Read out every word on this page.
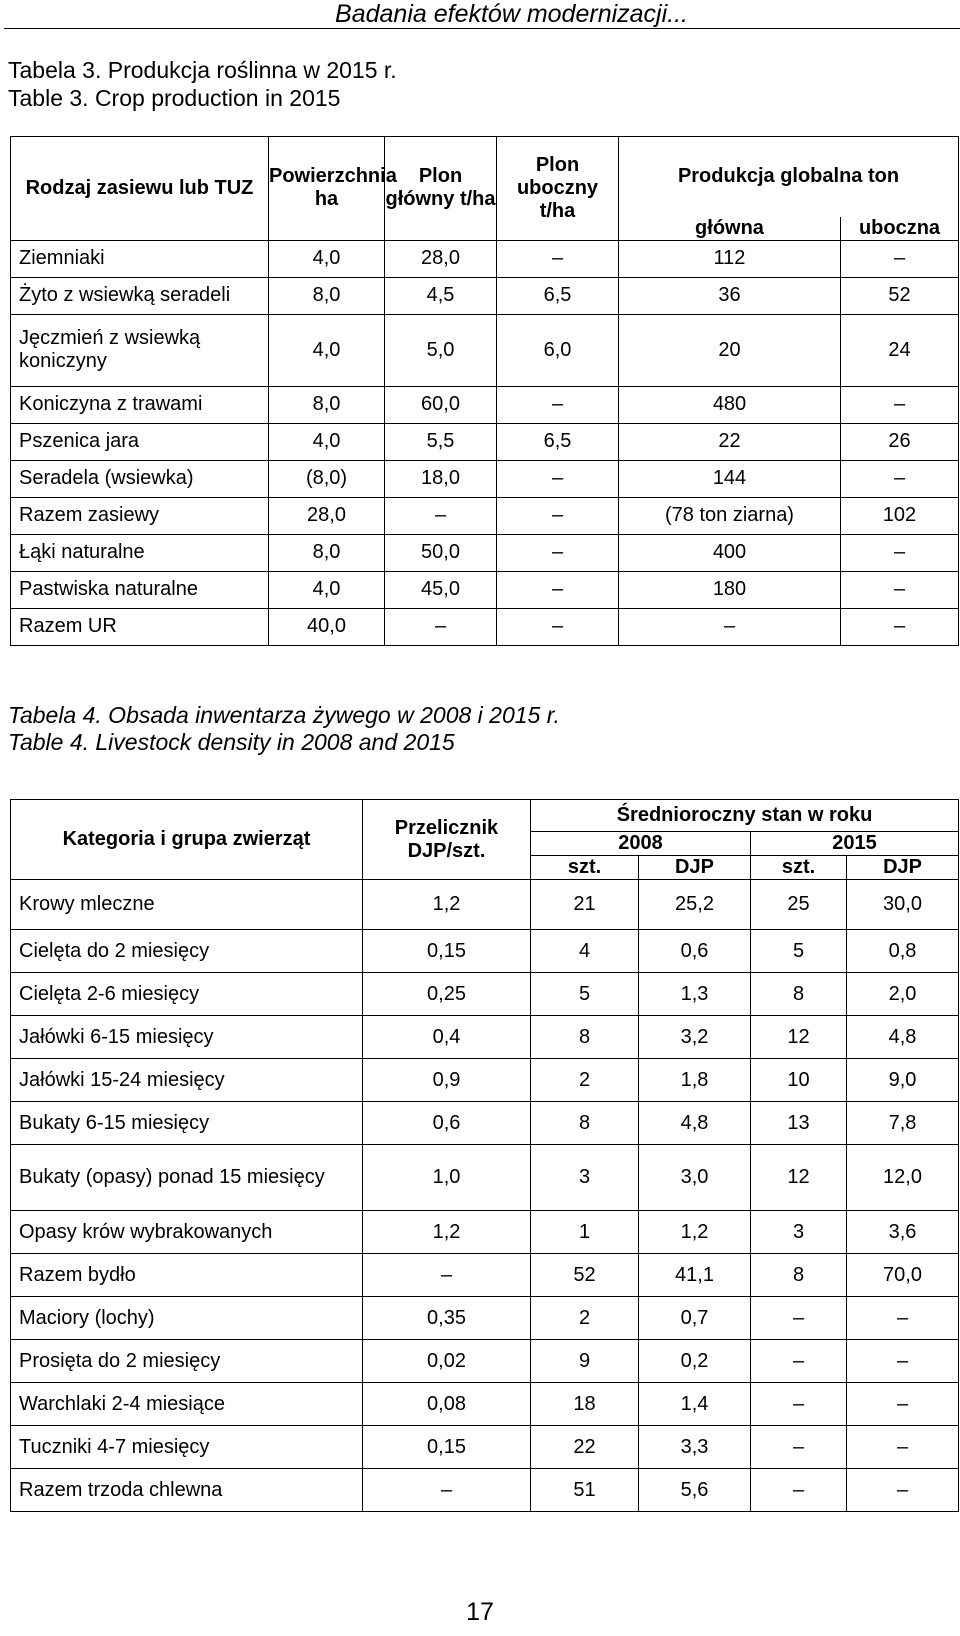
Badania efektów modernizacji...
Tabela 3. Produkcja roślinna w 2015 r.
Table 3. Crop production in 2015
Rodzaj zasiewu lub TUZ	Powierzchnia ha	Plon główny t/ha	Plon uboczny t/ha	Produkcja globalna ton	
				główna	uboczna
Ziemniaki	4,0	28,0	–	112	–
Żyto z wsiewką seradeli	8,0	4,5	6,5	36	52
Jęczmień z wsiewką koniczyny	4,0	5,0	6,0	20	24
Koniczyna z trawami	8,0	60,0	–	480	–
Pszenica jara	4,0	5,5	6,5	22	26
Seradela (wsiewka)	(8,0)	18,0	–	144	–
Razem zasiewy	28,0	–	–	(78 ton ziarna)	102
Łąki naturalne	8,0	50,0	–	400	–
Pastwiska naturalne	4,0	45,0	–	180	–
Razem UR	40,0	–	–	–	–
Tabela 4. Obsada inwentarza żywego w 2008 i 2015 r.
Table 4. Livestock density in 2008 and 2015
Kategoria i grupa zwierząt	Przelicznik DJP/szt.	Średnioroczny stan w roku			
		2008		2015	
		szt.	DJP	szt.	DJP
Krowy mleczne	1,2	21	25,2	25	30,0
Cielęta do 2 miesięcy	0,15	4	0,6	5	0,8
Cielęta 2-6 miesięcy	0,25	5	1,3	8	2,0
Jałówki 6-15 miesięcy	0,4	8	3,2	12	4,8
Jałówki 15-24 miesięcy	0,9	2	1,8	10	9,0
Bukaty 6-15 miesięcy	0,6	8	4,8	13	7,8
Bukaty (opasy) ponad 15 miesięcy	1,0	3	3,0	12	12,0
Opasy krów wybrakowanych	1,2	1	1,2	3	3,6
Razem bydło	–	52	41,1	8	70,0
Maciory (lochy)	0,35	2	0,7	–	–
Prosięta do 2 miesięcy	0,02	9	0,2	–	–
Warchlaki 2-4 miesiące	0,08	18	1,4	–	–
Tuczniki 4-7 miesięcy	0,15	22	3,3	–	–
Razem trzoda chlewna	–	51	5,6	–	–
17
